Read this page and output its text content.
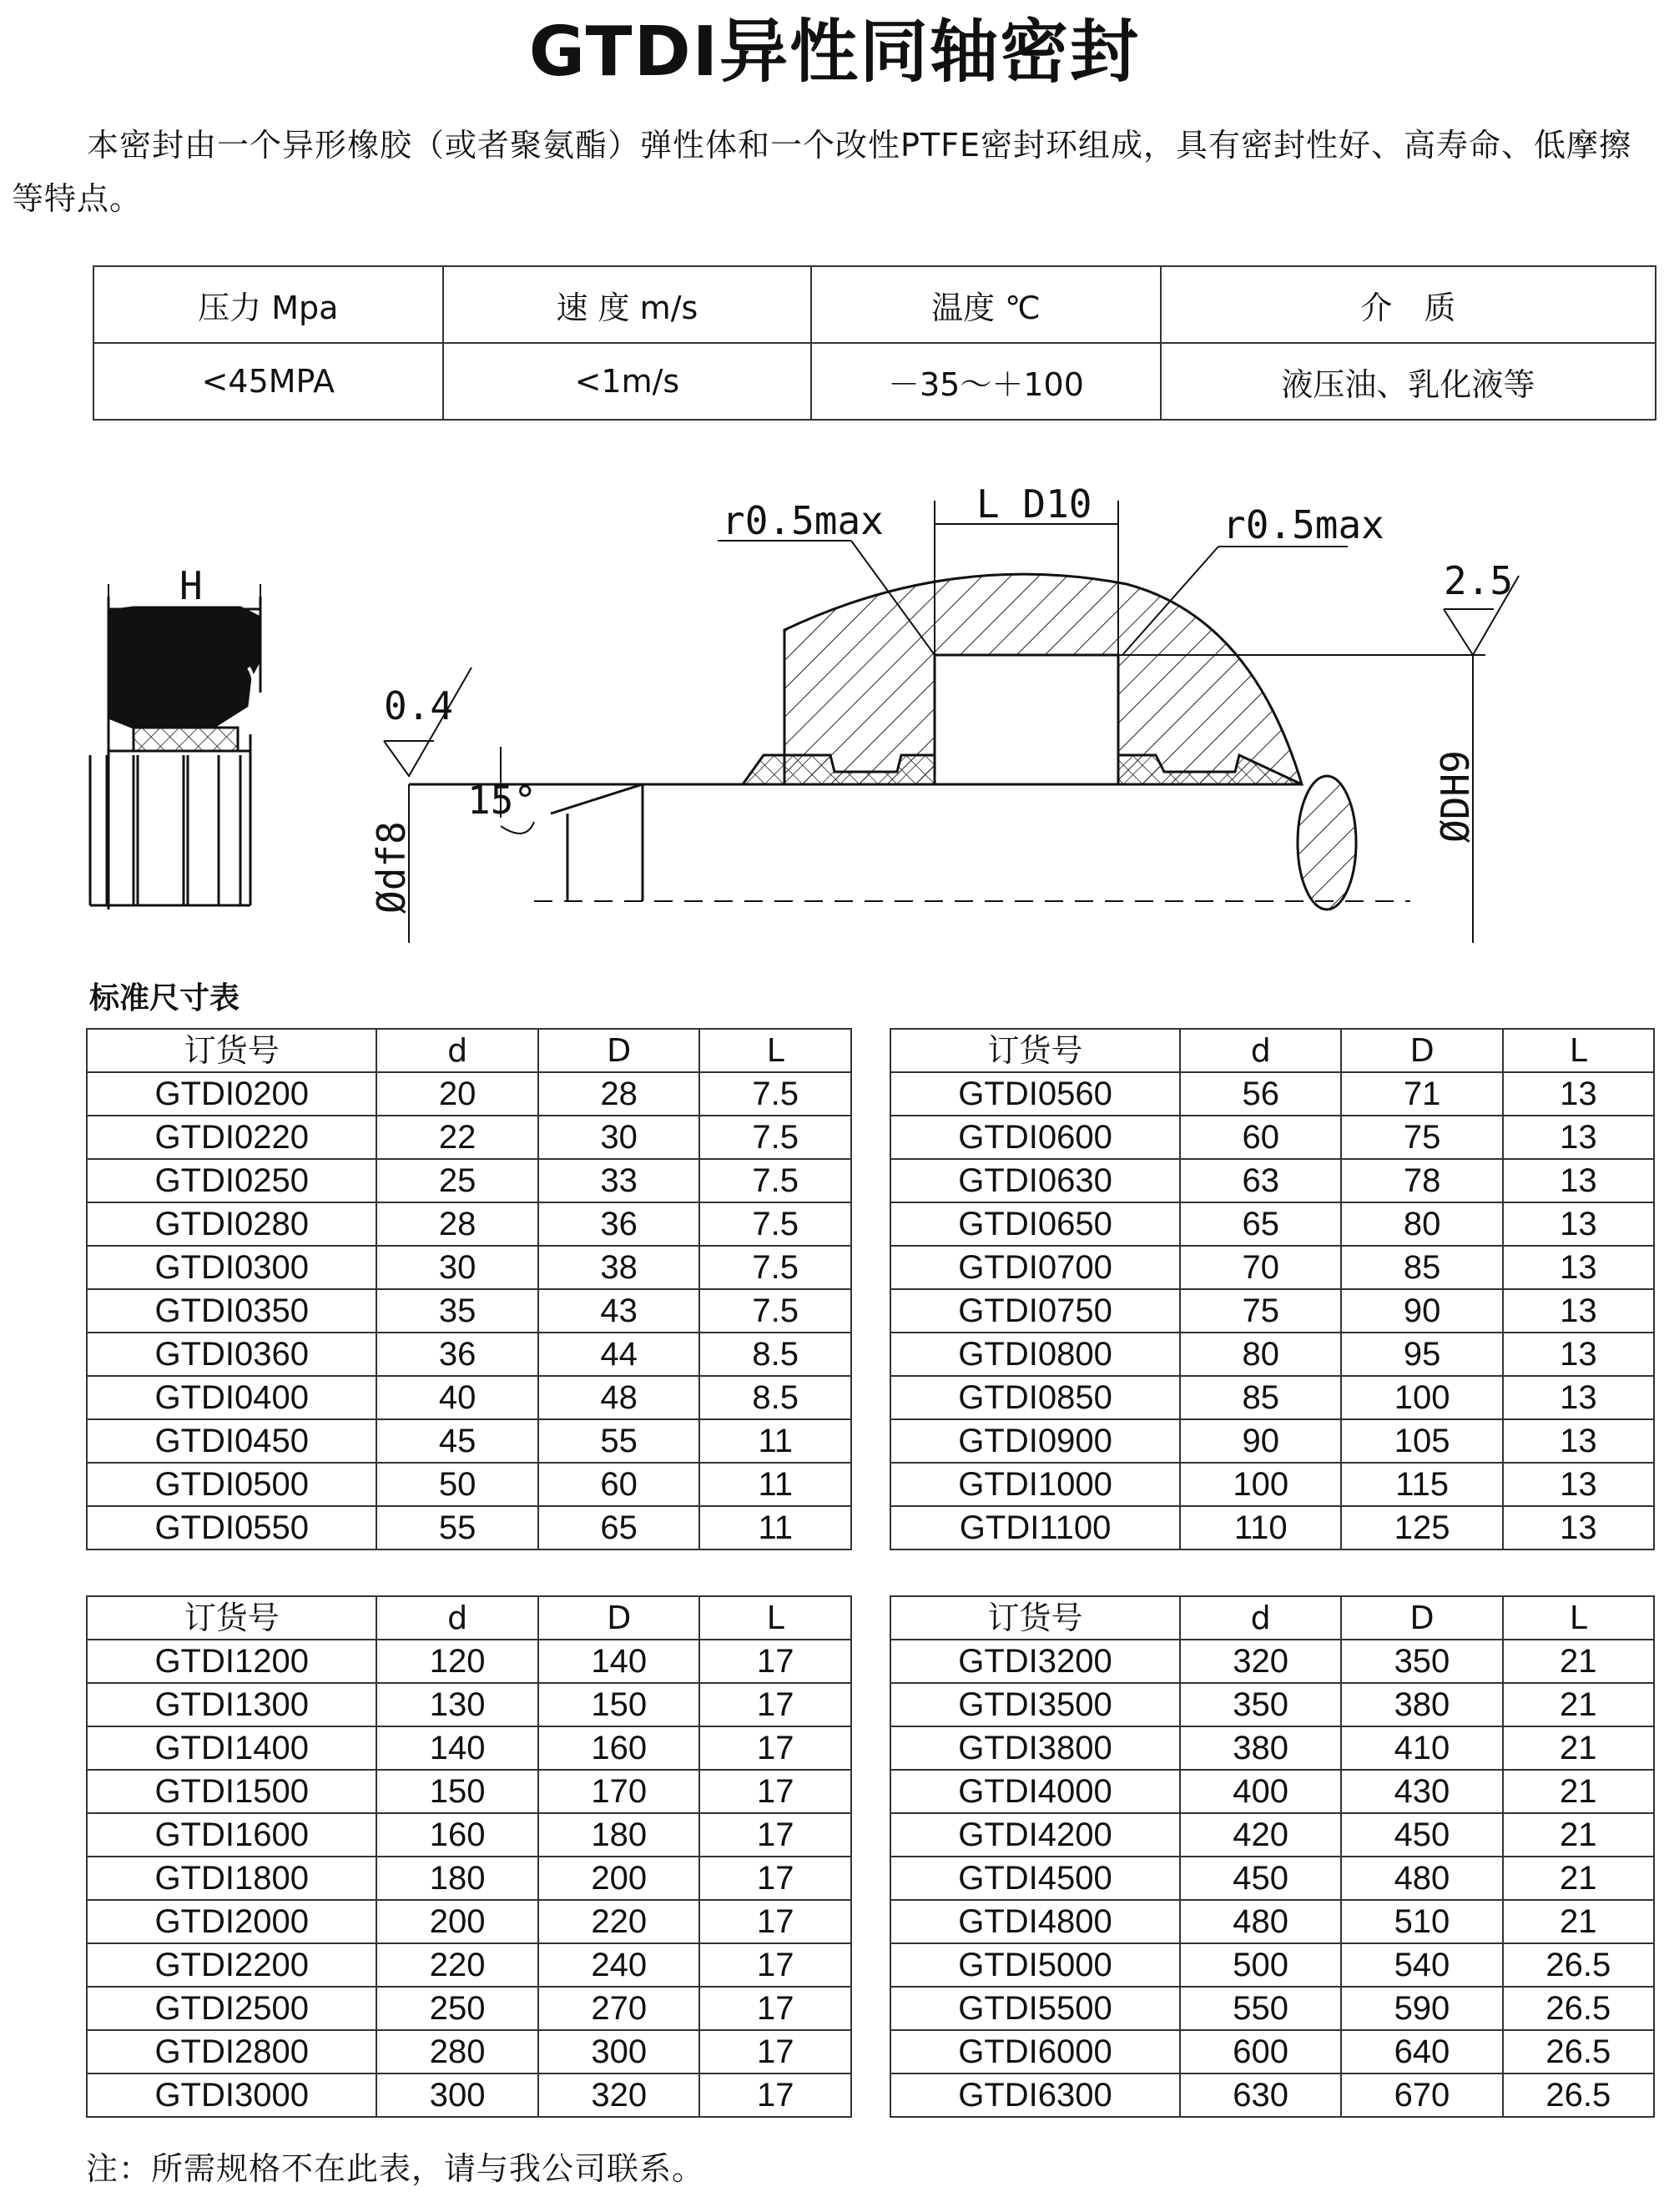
GTDI异性同轴密封
本密封由一个异形橡胶（或者聚氨酯）弹性体和一个改性PTFE密封环组成，具有密封性好、高寿命、低摩擦等特点。
压力 Mpa	速 度 m/s	温度 ℃	介　质
<45MPA	<1m/s	－35～＋100	液压油、乳化液等
H
0.4
15°
Ødf8
L D10
r0.5max	r0.5max
2.5
ØDH9
标准尺寸表
订货号	d	D	L
GTDI0200	20	28	7.5
GTDI0220	22	30	7.5
GTDI0250	25	33	7.5
GTDI0280	28	36	7.5
GTDI0300	30	38	7.5
GTDI0350	35	43	7.5
GTDI0360	36	44	8.5
GTDI0400	40	48	8.5
GTDI0450	45	55	11
GTDI0500	50	60	11
GTDI0550	55	65	11
订货号	d	D	L
GTDI0560	56	71	13
GTDI0600	60	75	13
GTDI0630	63	78	13
GTDI0650	65	80	13
GTDI0700	70	85	13
GTDI0750	75	90	13
GTDI0800	80	95	13
GTDI0850	85	100	13
GTDI0900	90	105	13
GTDI1000	100	115	13
GTDI1100	110	125	13
订货号	d	D	L
GTDI1200	120	140	17
GTDI1300	130	150	17
GTDI1400	140	160	17
GTDI1500	150	170	17
GTDI1600	160	180	17
GTDI1800	180	200	17
GTDI2000	200	220	17
GTDI2200	220	240	17
GTDI2500	250	270	17
GTDI2800	280	300	17
GTDI3000	300	320	17
订货号	d	D	L
GTDI3200	320	350	21
GTDI3500	350	380	21
GTDI3800	380	410	21
GTDI4000	400	430	21
GTDI4200	420	450	21
GTDI4500	450	480	21
GTDI4800	480	510	21
GTDI5000	500	540	26.5
GTDI5500	550	590	26.5
GTDI6000	600	640	26.5
GTDI6300	630	670	26.5
注：所需规格不在此表，请与我公司联系。
